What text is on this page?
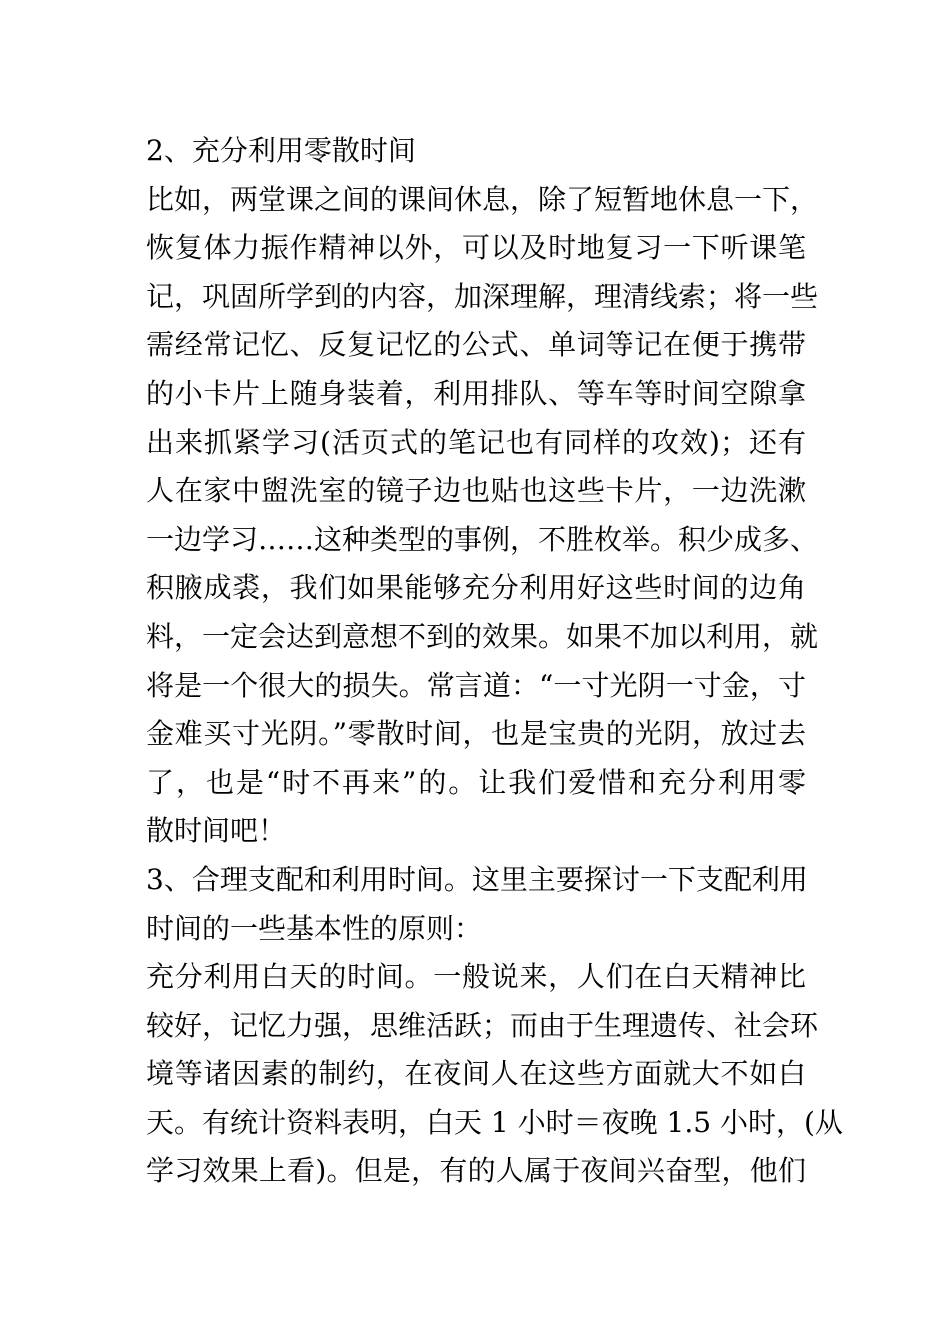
2、充分利用零散时间
比如，两堂课之间的课间休息，除了短暂地休息一下，
恢复体力振作精神以外，可以及时地复习一下听课笔
记，巩固所学到的内容，加深理解，理清线索；将一些
需经常记忆、反复记忆的公式、单词等记在便于携带
的小卡片上随身装着，利用排队、等车等时间空隙拿
出来抓紧学习(活页式的笔记也有同样的攻效)；还有
人在家中盥洗室的镜子边也贴也这些卡片，一边洗漱
一边学习……这种类型的事例，不胜枚举。积少成多、
积腋成裘，我们如果能够充分利用好这些时间的边角
料，一定会达到意想不到的效果。如果不加以利用，就
将是一个很大的损失。常言道：“一寸光阴一寸金，寸
金难买寸光阴。”零散时间，也是宝贵的光阴，放过去
了，也是“时不再来”的。让我们爱惜和充分利用零
散时间吧！
3、合理支配和利用时间。这里主要探讨一下支配利用
时间的一些基本性的原则：
充分利用白天的时间。一般说来，人们在白天精神比
较好，记忆力强，思维活跃；而由于生理遗传、社会环
境等诸因素的制约，在夜间人在这些方面就大不如白
天。有统计资料表明，白天 1 小时＝夜晚 1.5 小时，(从
学习效果上看)。但是，有的人属于夜间兴奋型，他们
